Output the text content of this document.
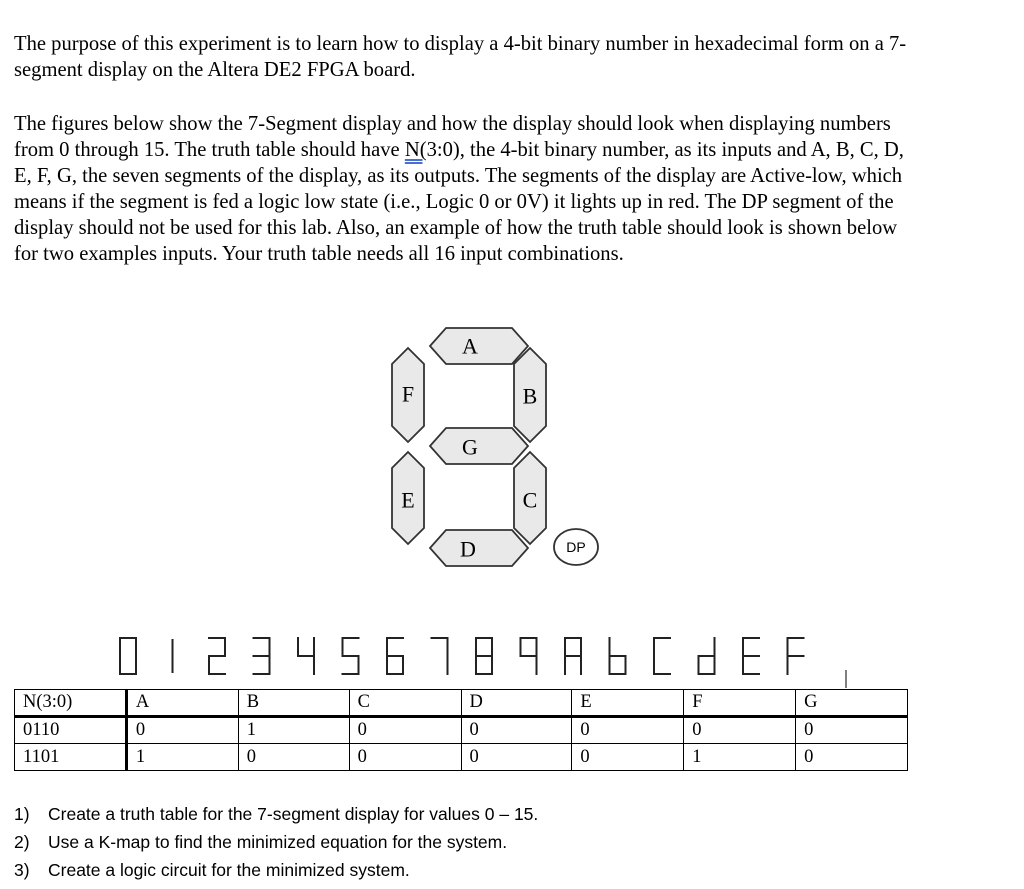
The purpose of this experiment is to learn how to display a 4-bit binary number in hexadecimal form on a 7-segment display on the Altera DE2 FPGA board.

The figures below show the 7-Segment display and how the display should look when displaying numbers from 0 through 15. The truth table should have N(3:0), the 4-bit binary number, as its inputs and A, B, C, D, E, F, G, the seven segments of the display, as its outputs. The segments of the display are Active-low, which means if the segment is fed a logic low state (i.e., Logic 0 or 0V) it lights up in red. The DP segment of the display should not be used for this lab. Also, an example of how the truth table should look is shown below for two examples inputs. Your truth table needs all 16 input combinations.

A
B
F
G
E	C
D	DP
N(3:0)	A	B	C	D	E	F	G
0110	0	1	0	0	0	0	0
1101	1	0	0	0	0	1	0
1) Create a truth table for the 7-segment display for values 0 – 15.
2) Use a K-map to find the minimized equation for the system.
3) Create a logic circuit for the minimized system.
